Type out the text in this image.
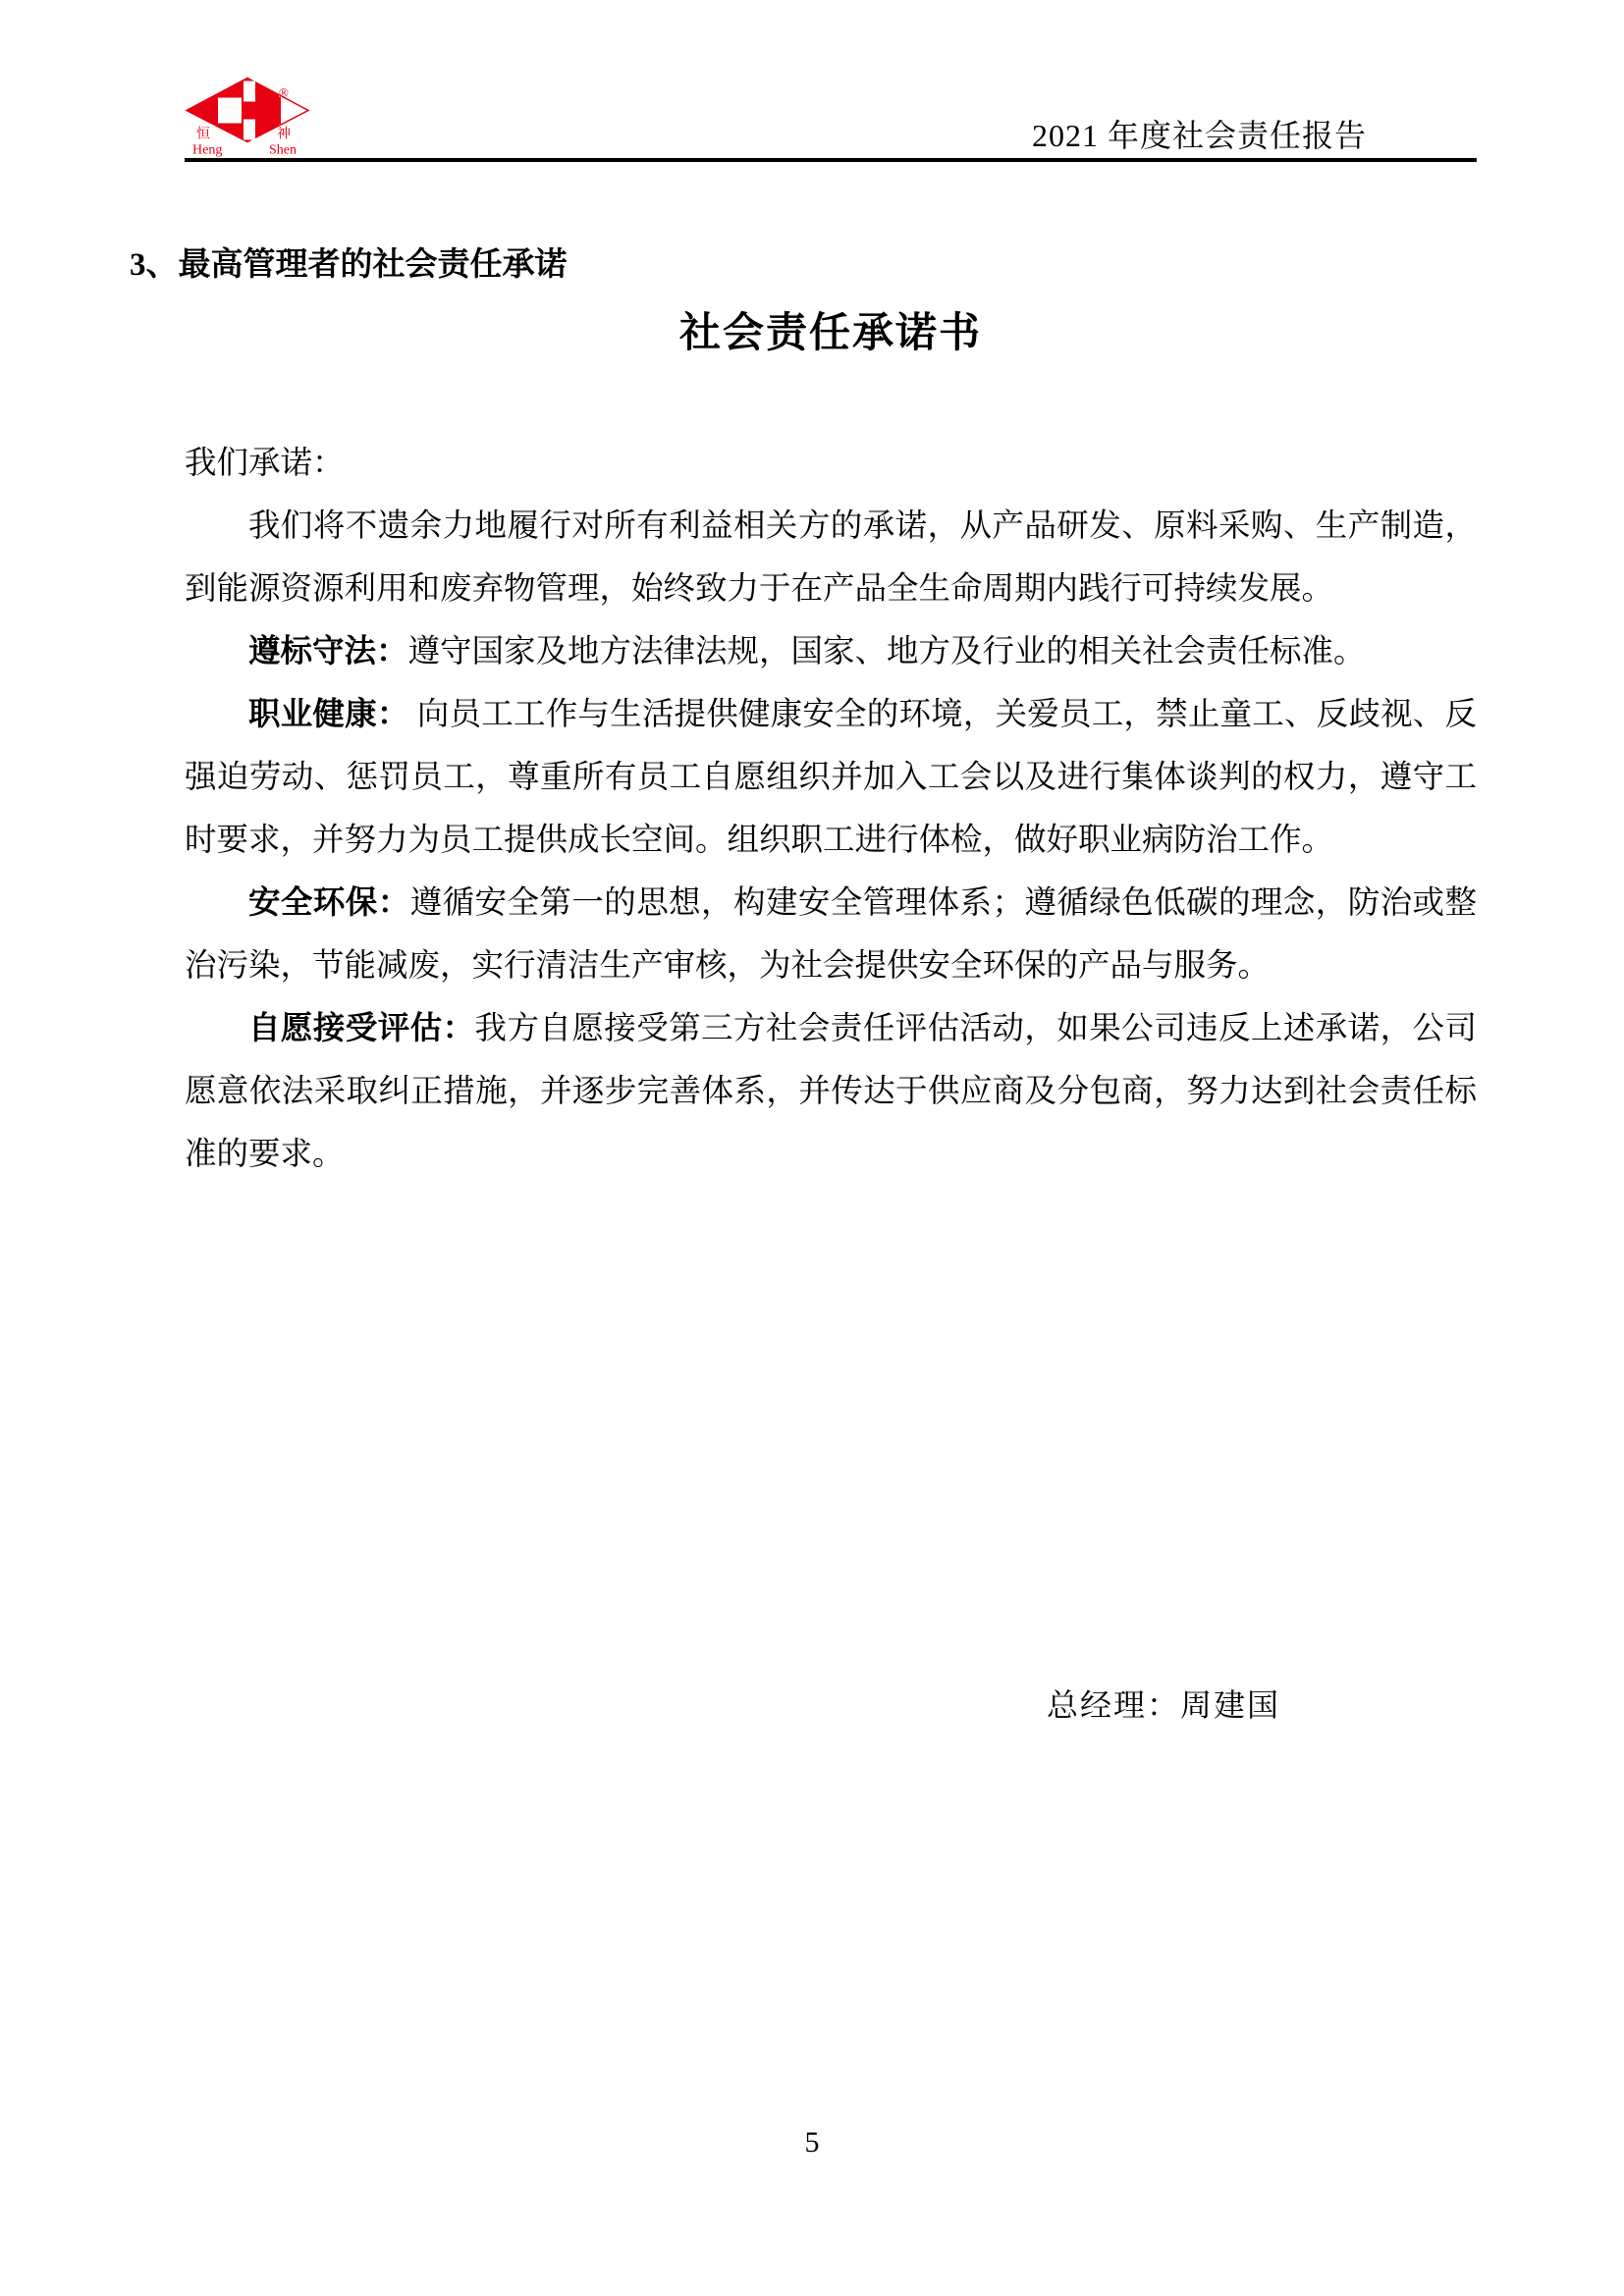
恒	神
Heng	Shen
®
2021 年度社会责任报告
3、最高管理者的社会责任承诺
社会责任承诺书

我们承诺：

我们将不遗余力地履行对所有利益相关方的承诺，从产品研发、原料采购、生产制造，到能源资源利用和废弃物管理，始终致力于在产品全生命周期内践行可持续发展。

遵标守法：遵守国家及地方法律法规，国家、地方及行业的相关社会责任标准。

职业健康： 向员工工作与生活提供健康安全的环境，关爱员工，禁止童工、反歧视、反强迫劳动、惩罚员工，尊重所有员工自愿组织并加入工会以及进行集体谈判的权力，遵守工时要求，并努力为员工提供成长空间。组织职工进行体检，做好职业病防治工作。

安全环保：遵循安全第一的思想，构建安全管理体系；遵循绿色低碳的理念，防治或整治污染，节能减废，实行清洁生产审核，为社会提供安全环保的产品与服务。

自愿接受评估：我方自愿接受第三方社会责任评估活动，如果公司违反上述承诺，公司愿意依法采取纠正措施，并逐步完善体系，并传达于供应商及分包商，努力达到社会责任标准的要求。

总经理：周建国
5
